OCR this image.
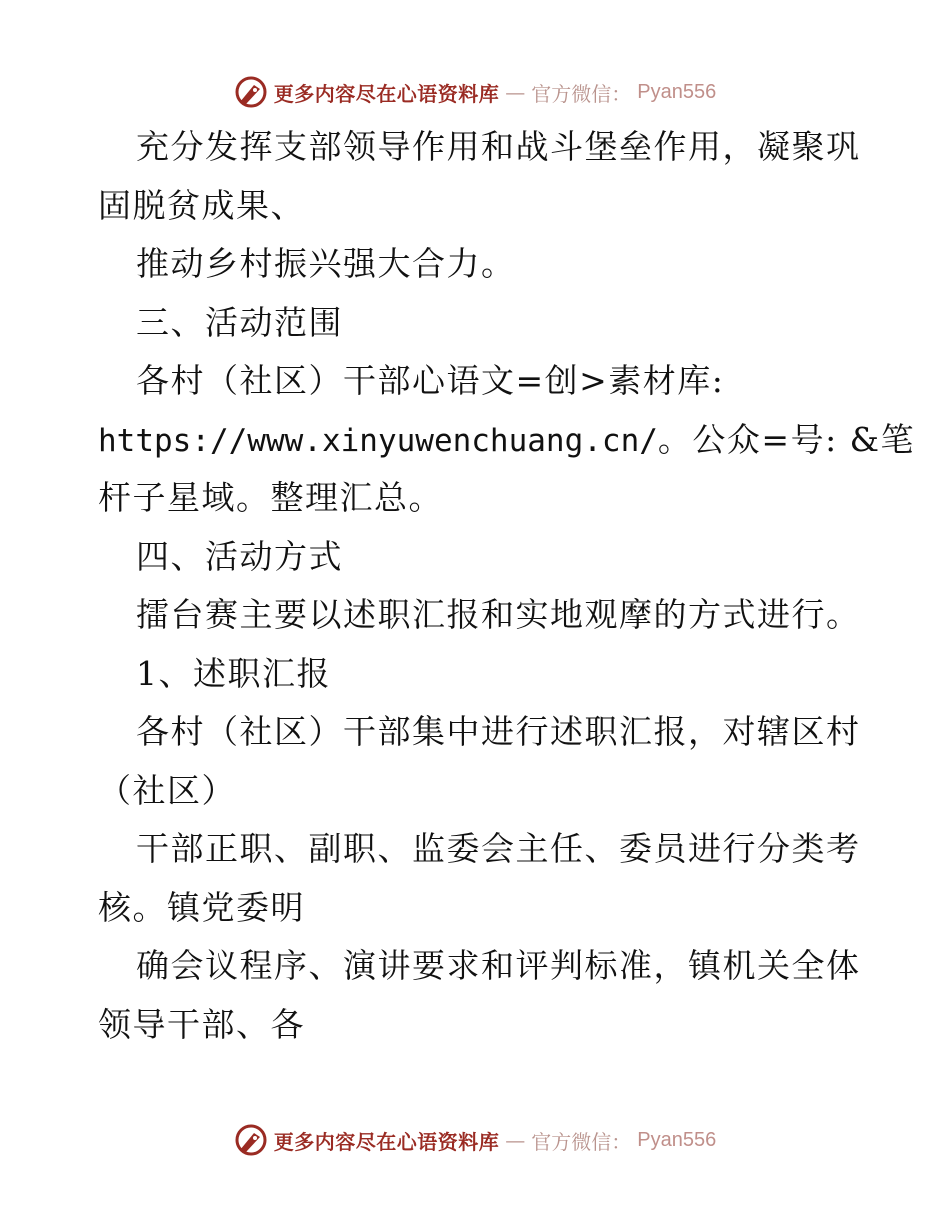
更多内容尽在心语资料库 — 官方微信： Pyan556

充分发挥支部领导作用和战斗堡垒作用，凝聚巩

固脱贫成果、

推动乡村振兴强大合力。

三、活动范围

各村（社区）干部心语文=创>素材库:

https://www.xinyuwenchuang.cn/。公众=号: &笔

杆子星域。整理汇总。

四、活动方式

擂台赛主要以述职汇报和实地观摩的方式进行。

1、述职汇报

各村（社区）干部集中进行述职汇报，对辖区村

（社区）

干部正职、副职、监委会主任、委员进行分类考

核。镇党委明

确会议程序、演讲要求和评判标准，镇机关全体

领导干部、各

更多内容尽在心语资料库 — 官方微信： Pyan556
